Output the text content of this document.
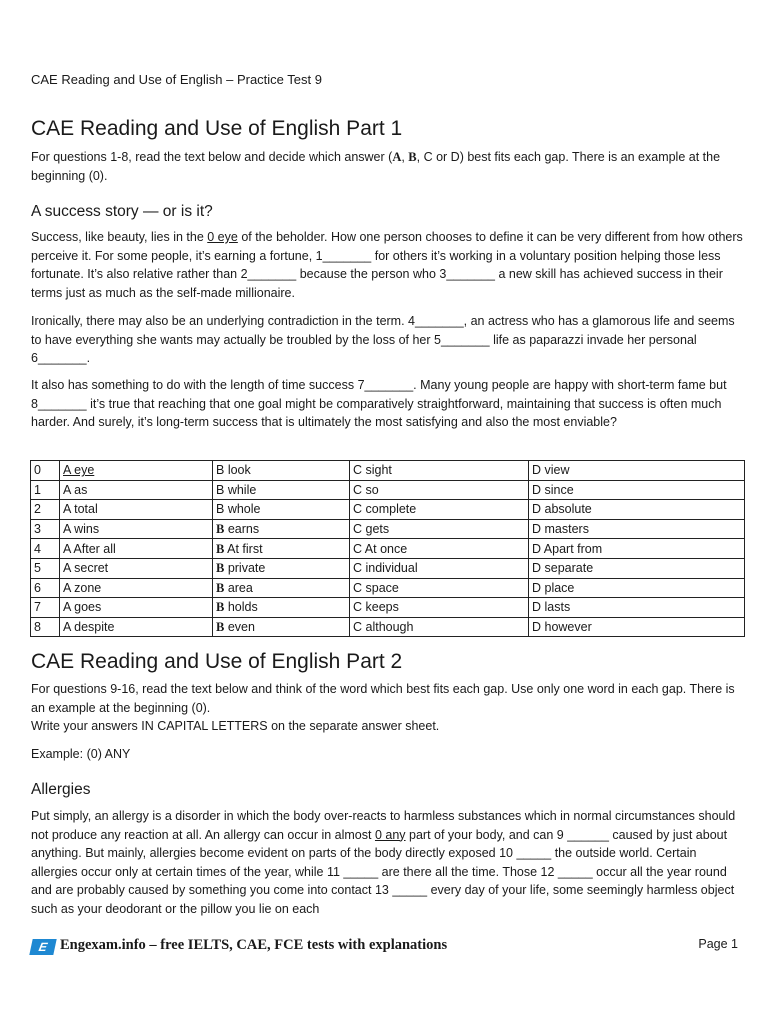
CAE Reading and Use of English – Practice Test 9
CAE Reading and Use of English Part 1

For questions 1-8, read the text below and decide which answer (A, B, C or D) best fits each gap. There is an example at the beginning (0).

A success story — or is it?

Success, like beauty, lies in the 0 eye of the beholder. How one person chooses to define it can be very different from how others perceive it. For some people, it’s earning a fortune, 1_______ for others it’s working in a voluntary position helping those less fortunate. It’s also relative rather than 2_______ because the person who 3_______ a new skill has achieved success in their terms just as much as the self-made millionaire.

Ironically, there may also be an underlying contradiction in the term. 4_______, an actress who has a glamorous life and seems to have everything she wants may actually be troubled by the loss of her 5_______ life as paparazzi invade her personal 6_______.

It also has something to do with the length of time success 7_______. Many young people are happy with short-term fame but 8_______ it’s true that reaching that one goal might be comparatively straightforward, maintaining that success is often much harder. And surely, it’s long-term success that is ultimately the most satisfying and also the most enviable?

0	A eye	B look	C sight	D view
1	A as	B while	C so	D since
2	A total	B whole	C complete	D absolute
3	A wins	B earns	C gets	D masters
4	A After all	B At first	C At once	D Apart from
5	A secret	B private	C individual	D separate
6	A zone	B area	C space	D place
7	A goes	B holds	C keeps	D lasts
8	A despite	B even	C although	D however
CAE Reading and Use of English Part 2

For questions 9-16, read the text below and think of the word which best fits each gap. Use only one word in each gap. There is an example at the beginning (0).
Write your answers IN CAPITAL LETTERS on the separate answer sheet.

Example: (0) ANY

Allergies

Put simply, an allergy is a disorder in which the body over-reacts to harmless substances which in normal circumstances should not produce any reaction at all. An allergy can occur in almost 0 any part of your body, and can 9 ______ caused by just about anything. But mainly, allergies become evident on parts of the body directly exposed 10 _____ the outside world. Certain allergies occur only at certain times of the year, while 11 _____ are there all the time. Those 12 _____ occur all the year round and are probably caused by something you come into contact 13 _____ every day of your life, some seemingly harmless object such as your deodorant or the pillow you lie on each

E Engexam.info – free IELTS, CAE, FCE tests with explanations	Page 1
